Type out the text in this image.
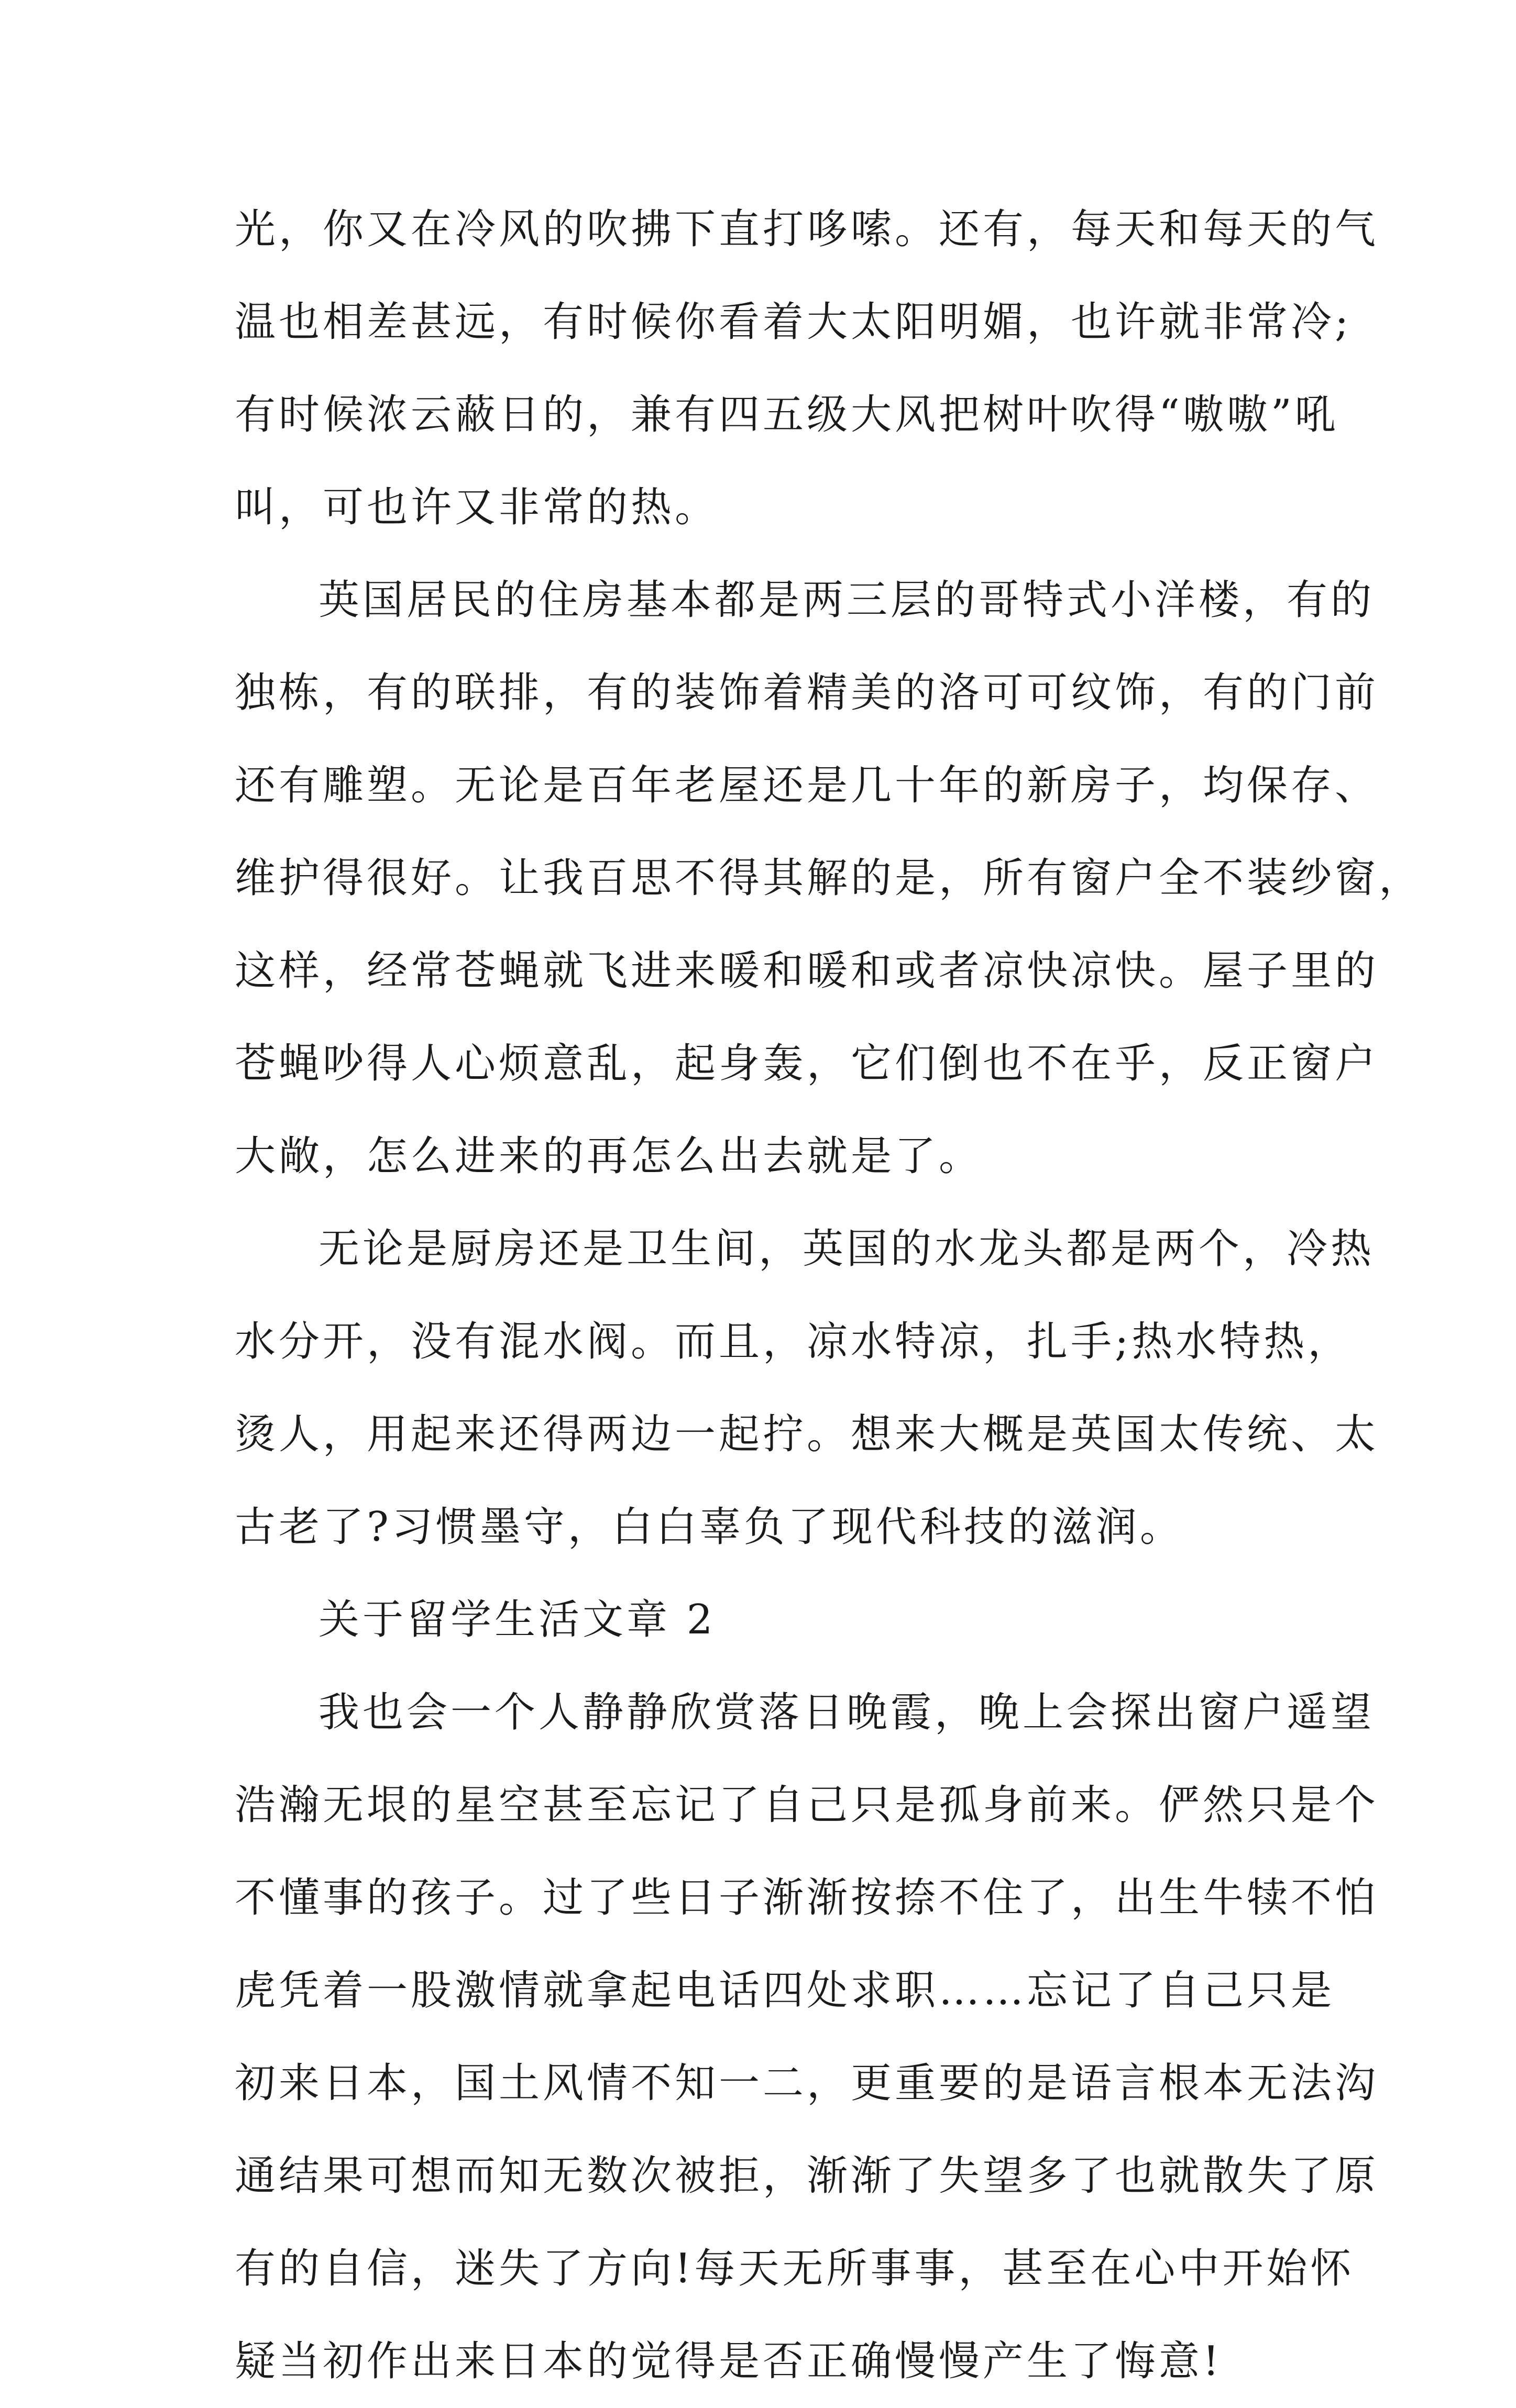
光，你又在冷风的吹拂下直打哆嗦。还有，每天和每天的气
温也相差甚远，有时候你看着大太阳明媚，也许就非常冷;
有时候浓云蔽日的，兼有四五级大风把树叶吹得“嗷嗷”吼
叫，可也许又非常的热。

英国居民的住房基本都是两三层的哥特式小洋楼，有的
独栋，有的联排，有的装饰着精美的洛可可纹饰，有的门前
还有雕塑。无论是百年老屋还是几十年的新房子，均保存、
维护得很好。让我百思不得其解的是，所有窗户全不装纱窗，
这样，经常苍蝇就飞进来暖和暖和或者凉快凉快。屋子里的
苍蝇吵得人心烦意乱，起身轰，它们倒也不在乎，反正窗户
大敞，怎么进来的再怎么出去就是了。

无论是厨房还是卫生间，英国的水龙头都是两个，冷热
水分开，没有混水阀。而且，凉水特凉，扎手;热水特热，
烫人，用起来还得两边一起拧。想来大概是英国太传统、太
古老了?习惯墨守，白白辜负了现代科技的滋润。

关于留学生活文章 2

我也会一个人静静欣赏落日晚霞，晚上会探出窗户遥望
浩瀚无垠的星空甚至忘记了自己只是孤身前来。俨然只是个
不懂事的孩子。过了些日子渐渐按捺不住了，出生牛犊不怕
虎凭着一股激情就拿起电话四处求职……忘记了自己只是
初来日本，国土风情不知一二，更重要的是语言根本无法沟
通结果可想而知无数次被拒，渐渐了失望多了也就散失了原
有的自信，迷失了方向!每天无所事事，甚至在心中开始怀
疑当初作出来日本的觉得是否正确慢慢产生了悔意!
